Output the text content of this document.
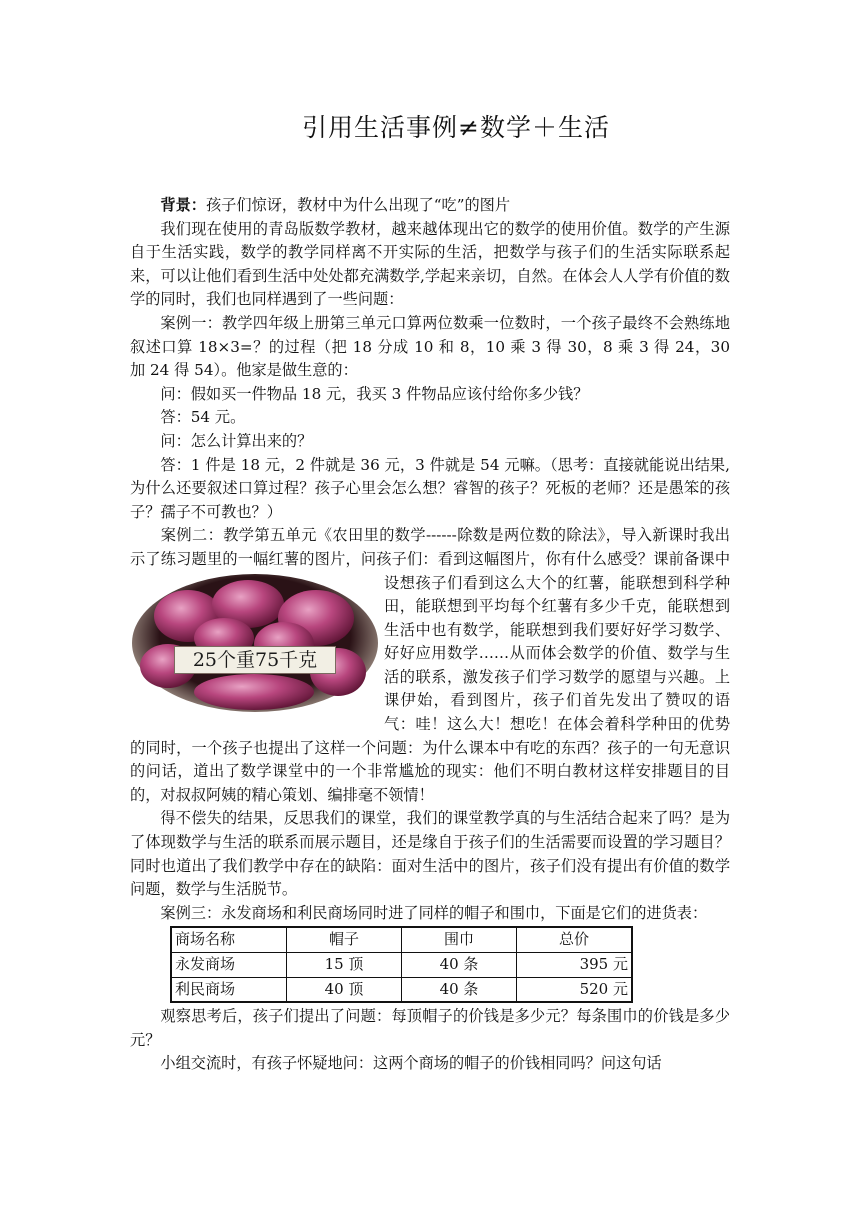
引用生活事例≠数学＋生活

背景：孩子们惊讶，教材中为什么出现了“吃”的图片

我们现在使用的青岛版数学教材，越来越体现出它的数学的使用价值。数学的产生源自于生活实践，数学的教学同样离不开实际的生活，把数学与孩子们的生活实际联系起来，可以让他们看到生活中处处都充满数学,学起来亲切，自然。在体会人人学有价值的数学的同时，我们也同样遇到了一些问题：

案例一：教学四年级上册第三单元口算两位数乘一位数时，一个孩子最终不会熟练地叙述口算 18×3=？的过程（把 18 分成 10 和 8，10 乘 3 得 30，8 乘 3 得 24，30 加 24 得 54）。他家是做生意的：

问：假如买一件物品 18 元，我买 3 件物品应该付给你多少钱？

答：54 元。

问：怎么计算出来的？

答：1 件是 18 元，2 件就是 36 元，3 件就是 54 元嘛。（思考：直接就能说出结果,为什么还要叙述口算过程？孩子心里会怎么想？睿智的孩子？死板的老师？还是愚笨的孩子？孺子不可教也？）

案例二：教学第五单元《农田里的数学------除数是两位数的除法》，导入新课时我出示了练习题里的一幅红薯的图片，问孩子们：看到这幅图片，你有什
25个重75千克
么感受？课前备课中设想孩子们看到这么大个的红薯，能联想到科学种田，能联想到平均每个红薯有多少千克，能联想到生活中也有数学，能联想到我们要好好学习数学、好好应用数学……从而体会数学的价值、数学与生活的联系，激发孩子们学习数学的愿望与兴趣。上课伊始，看到图片，孩子们首先发出了赞叹的语气：哇！这么大！想吃！在体会着科学种田的优势的同时，一个孩子也提出了这样一个问题：为什么课本中有吃的东西？孩子的一句无意识的问话，道出了数学课堂中的一个非常尴尬的现实：他们不明白教材这样安排题目的目的，对叔叔阿姨的精心策划、编排毫不领情！

得不偿失的结果，反思我们的课堂，我们的课堂教学真的与生活结合起来了吗？是为了体现数学与生活的联系而展示题目，还是缘自于孩子们的生活需要而设置的学习题目？同时也道出了我们教学中存在的缺陷：面对生活中的图片，孩子们没有提出有价值的数学问题，数学与生活脱节。

案例三：永发商场和利民商场同时进了同样的帽子和围巾，下面是它们的进货表：

商场名称	帽子	围巾	总价
永发商场	15 顶	40 条	395 元
利民商场	40 顶	40 条	520 元

观察思考后，孩子们提出了问题：每顶帽子的价钱是多少元？每条围巾的价钱是多少元？

小组交流时，有孩子怀疑地问：这两个商场的帽子的价钱相同吗？问这句话
